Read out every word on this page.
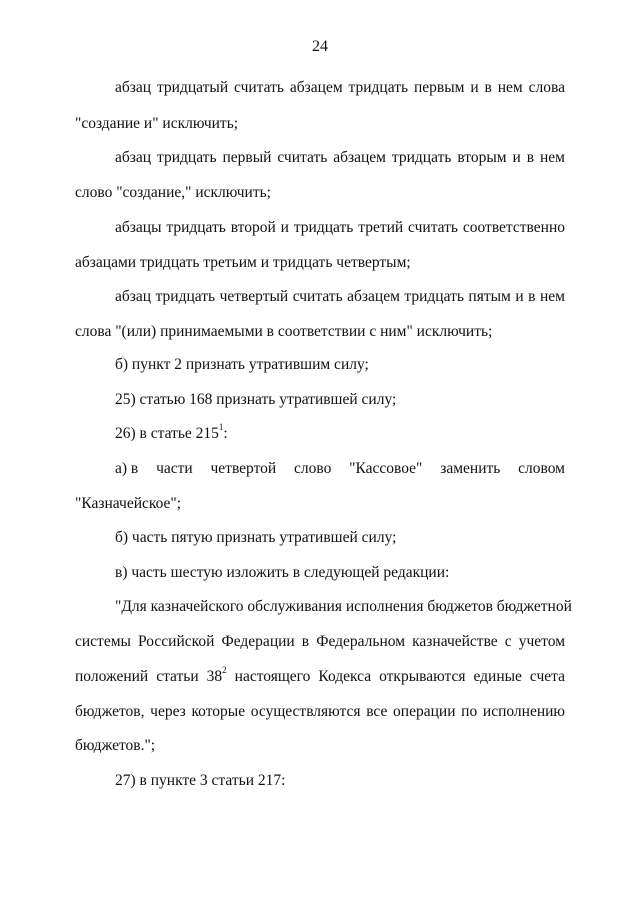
24
абзац тридцатый считать абзацем тридцать первым и в нем слова
"создание и" исключить;
абзац тридцать первый считать абзацем тридцать вторым и в нем
слово "создание," исключить;
абзацы тридцать второй и тридцать третий считать соответственно
абзацами тридцать третьим и тридцать четвертым;
абзац тридцать четвертый считать абзацем тридцать пятым и в нем
слова "(или) принимаемыми в соответствии с ним" исключить;
б) пункт 2 признать утратившим силу;
25) статью 168 признать утратившей силу;
26) в статье $215^1$:
а) в части четвертой слово "Кассовое" заменить словом
"Казначейское";
б) часть пятую признать утратившей силу;
в) часть шестую изложить в следующей редакции:
"Для казначейского обслуживания исполнения бюджетов бюджетной
системы Российской Федерации в Федеральном казначействе с учетом
положений статьи $38^2$ настоящего Кодекса открываются единые счета
бюджетов, через которые осуществляются все операции по исполнению
бюджетов.";
27) в пункте 3 статьи 217:
